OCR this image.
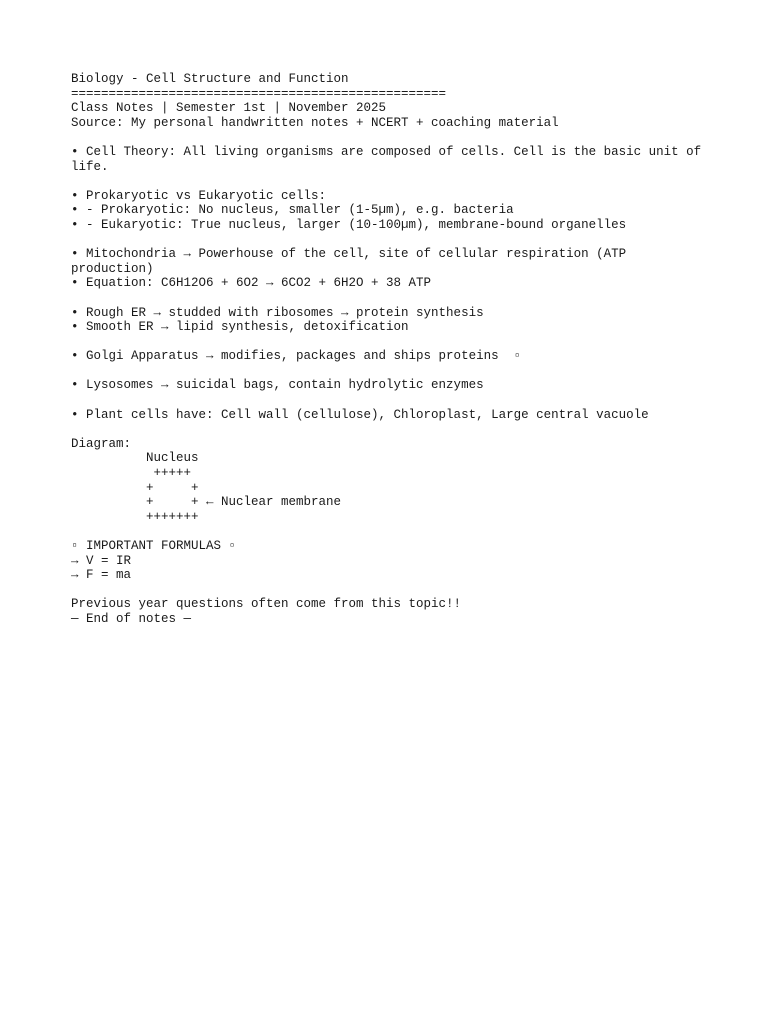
Biology - Cell Structure and Function
==================================================
Class Notes | Semester 1st | November 2025
Source: My personal handwritten notes + NCERT + coaching material
• Cell Theory: All living organisms are composed of cells. Cell is the basic unit of life.
• Prokaryotic vs Eukaryotic cells:
• - Prokaryotic: No nucleus, smaller (1-5µm), e.g. bacteria
• - Eukaryotic: True nucleus, larger (10-100µm), membrane-bound organelles
• Mitochondria → Powerhouse of the cell, site of cellular respiration (ATP production)
• Equation: C6H12O6 + 6O2 → 6CO2 + 6H2O + 38 ATP
• Rough ER → studded with ribosomes → protein synthesis
• Smooth ER → lipid synthesis, detoxification
• Golgi Apparatus → modifies, packages and ships proteins  ▫
• Lysosomes → suicidal bags, contain hydrolytic enzymes
• Plant cells have: Cell wall (cellulose), Chloroplast, Large central vacuole
Diagram:
Nucleus
+++++
+     +
+     + ← Nuclear membrane
+++++++
▫ IMPORTANT FORMULAS ▫
→ V = IR
→ F = ma
Previous year questions often come from this topic!!
— End of notes —
